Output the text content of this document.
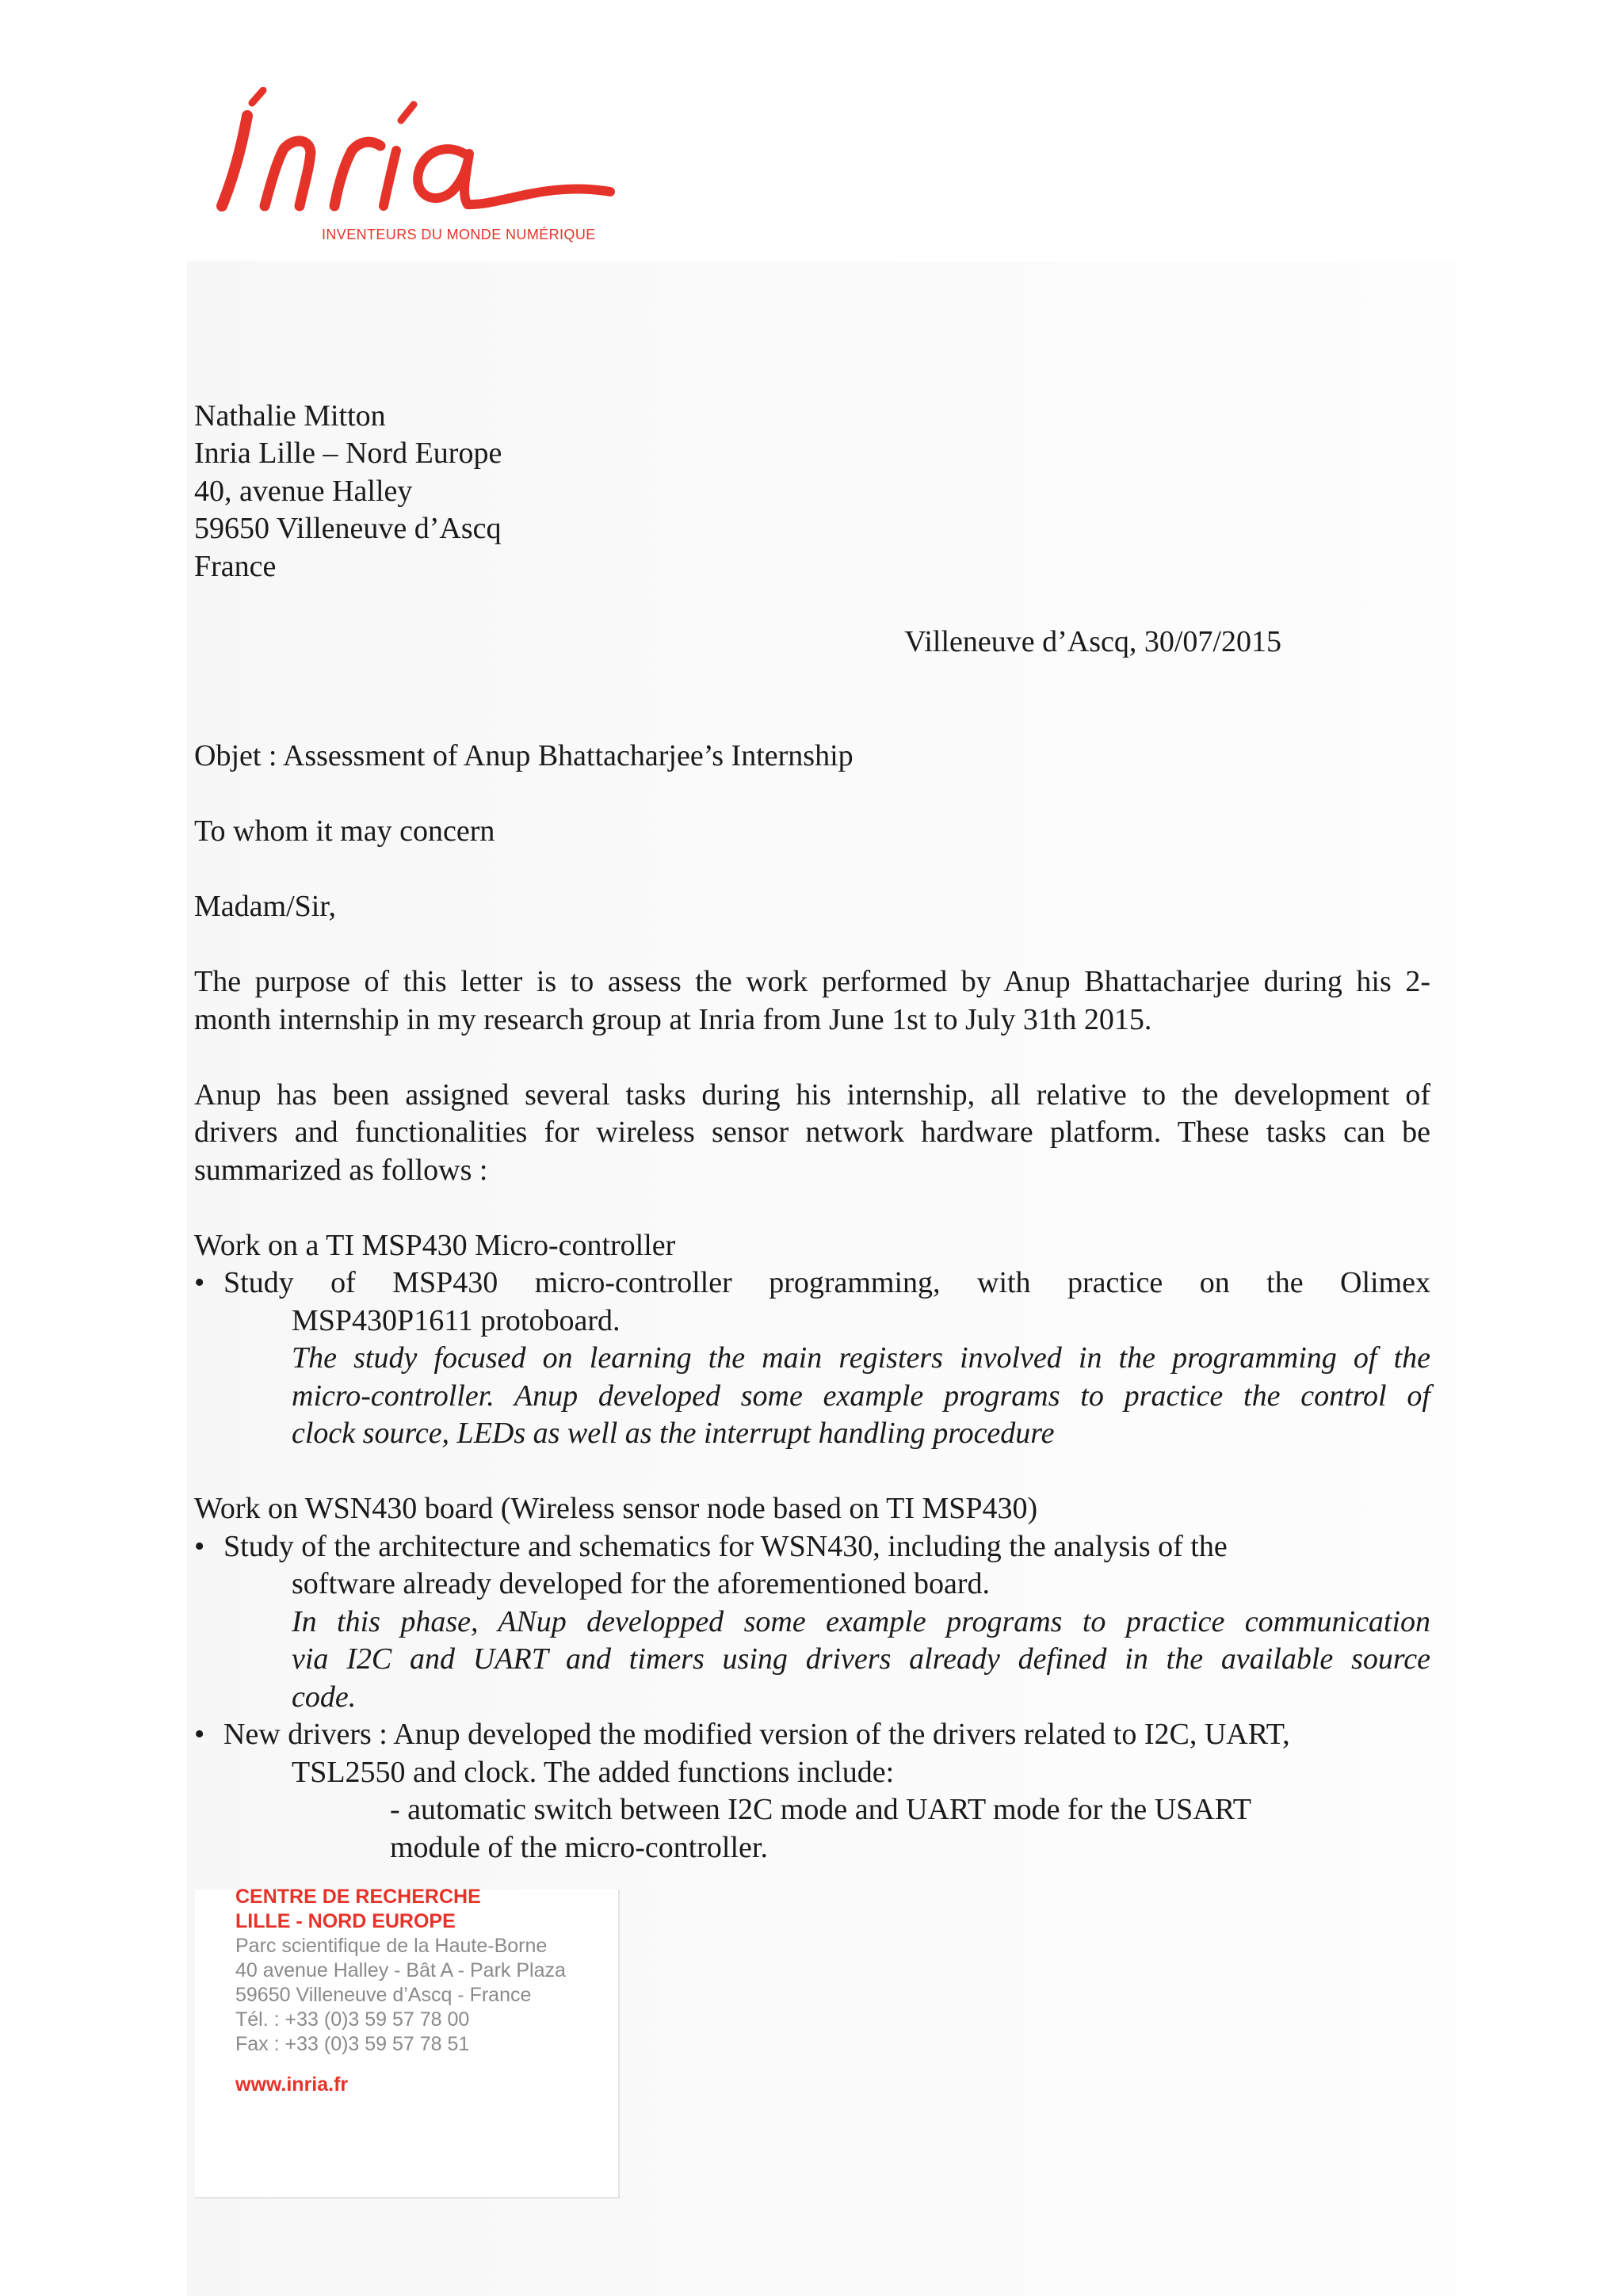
INVENTEURS DU MONDE NUMÉRIQUE
Nathalie Mitton
Inria Lille – Nord Europe
40, avenue Halley
59650 Villeneuve d’Ascq
France
Villeneuve d’Ascq, 30/07/2015
Objet : Assessment of Anup Bhattacharjee’s Internship
To whom it may concern
Madam/Sir,
The purpose of this letter is to assess the work performed by Anup Bhattacharjee during his 2-
month internship in my research group at Inria from June 1st to July 31th 2015.
Anup has been assigned several tasks during his internship, all relative to the development of
drivers and functionalities for wireless sensor network hardware platform. These tasks can be
summarized as follows :
Work on a TI MSP430 Micro-controller
• Study of MSP430 micro-controller programming, with practice on the Olimex
MSP430P1611 protoboard.
The study focused on learning the main registers involved in the programming of the
micro-controller. Anup developed some example programs to practice the control of
clock source, LEDs as well as the interrupt handling procedure
Work on WSN430 board (Wireless sensor node based on TI MSP430)
• Study of the architecture and schematics for WSN430, including the analysis of the
software already developed for the aforementioned board.
In this phase, ANup developped some example programs to practice communication
via I2C and UART and timers using drivers already defined in the available source
code.
• New drivers : Anup developed the modified version of the drivers related to I2C, UART,
TSL2550 and clock. The added functions include:
- automatic switch between I2C mode and UART mode for the USART
module of the micro-controller.
CENTRE DE RECHERCHE
LILLE - NORD EUROPE
Parc scientifique de la Haute-Borne
40 avenue Halley - Bât A - Park Plaza
59650 Villeneuve d’Ascq - France
Tél. : +33 (0)3 59 57 78 00
Fax : +33 (0)3 59 57 78 51
www.inria.fr
